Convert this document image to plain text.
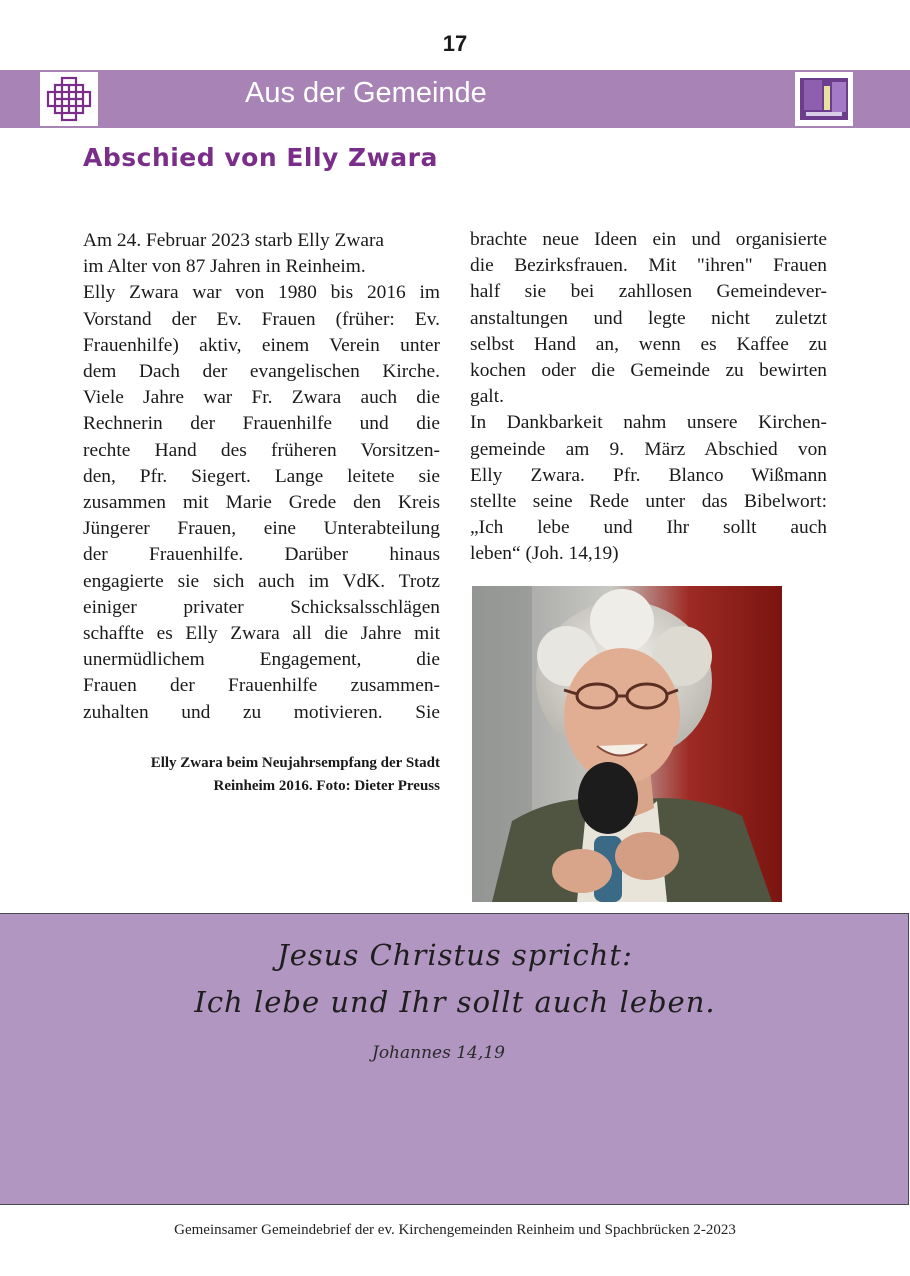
17
Aus der Gemeinde
Abschied von Elly Zwara

Am 24. Februar 2023 starb Elly Zwara

im Alter von 87 Jahren in Reinheim.

Elly Zwara war von 1980 bis 2016 im

Vorstand der Ev. Frauen (früher: Ev.

Frauenhilfe) aktiv, einem Verein unter

dem Dach der evangelischen Kirche.

Viele Jahre war Fr. Zwara auch die

Rechnerin der Frauenhilfe und die

rechte Hand des früheren Vorsitzen-

den, Pfr. Siegert. Lange leitete sie

zusammen mit Marie Grede den Kreis

Jüngerer Frauen, eine Unterabteilung

der Frauenhilfe. Darüber hinaus

engagierte sie sich auch im VdK. Trotz

einiger privater Schicksalsschlägen

schaffte es Elly Zwara all die Jahre mit

unermüdlichem Engagement, die

Frauen der Frauenhilfe zusammen-

zuhalten und zu motivieren. Sie

Elly Zwara beim Neujahrsempfang der Stadt
Reinheim 2016. Foto: Dieter Preuss

brachte neue Ideen ein und organisierte

die Bezirksfrauen. Mit "ihren" Frauen

half sie bei zahllosen Gemeindever-

anstaltungen und legte nicht zuletzt

selbst Hand an, wenn es Kaffee zu

kochen oder die Gemeinde zu bewirten

galt.

In Dankbarkeit nahm unsere Kirchen-

gemeinde am 9. März Abschied von

Elly Zwara. Pfr. Blanco Wißmann

stellte seine Rede unter das Bibelwort:

„Ich lebe und Ihr sollt auch

leben“ (Joh. 14,19)

Jesus Christus spricht:
Ich lebe und Ihr sollt auch leben.
Johannes 14,19
Gemeinsamer Gemeindebrief der ev. Kirchengemeinden Reinheim und Spachbrücken 2-2023
